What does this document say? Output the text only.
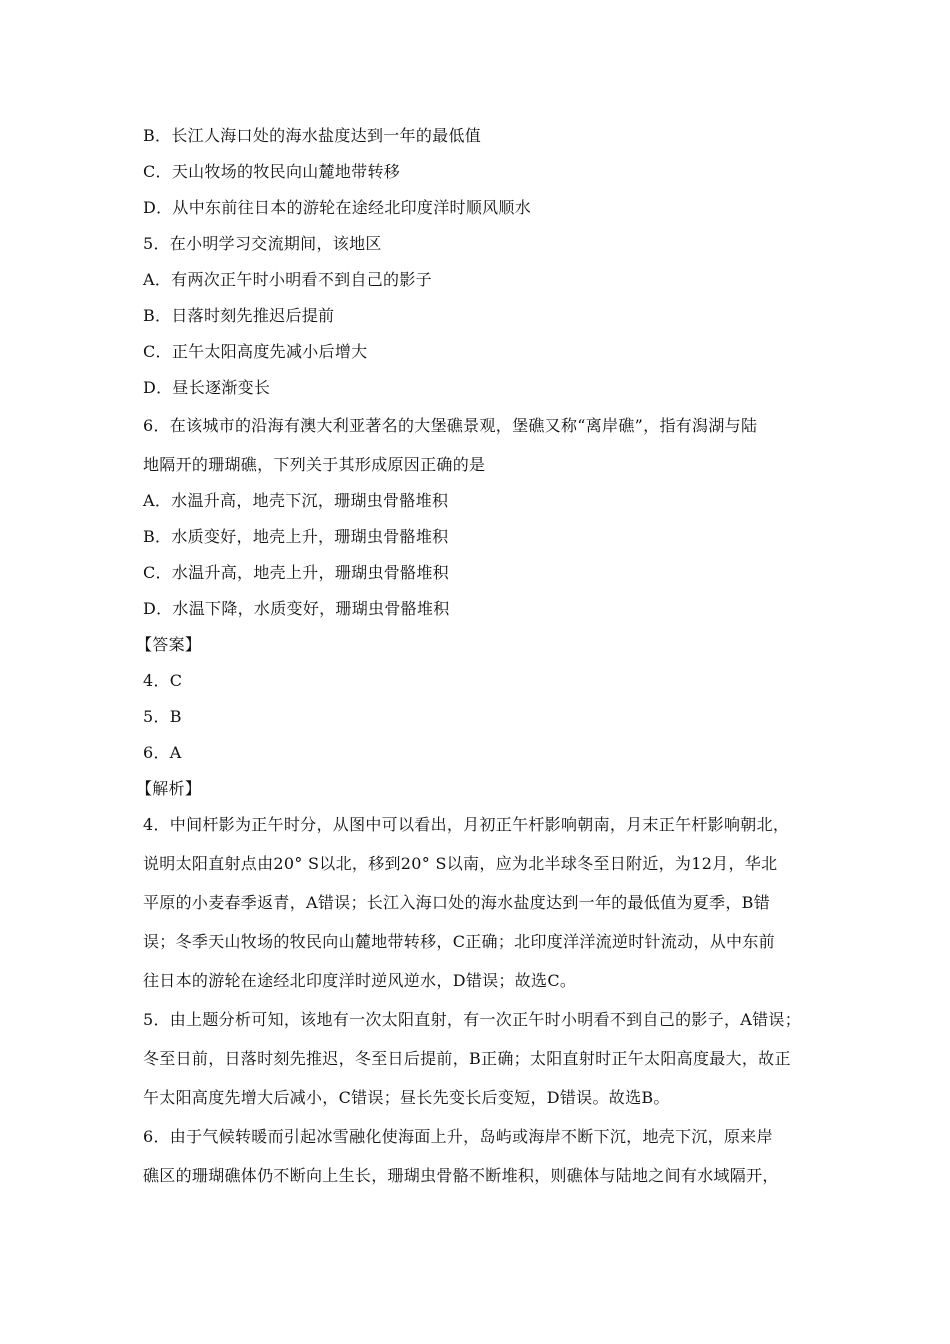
B．长江人海口处的海水盐度达到一年的最低值
C．天山牧场的牧民向山麓地带转移
D．从中东前往日本的游轮在途经北印度洋时顺风顺水
5．在小明学习交流期间，该地区
A．有两次正午时小明看不到自己的影子
B．日落时刻先推迟后提前
C．正午太阳高度先减小后增大
D．昼长逐渐变长
6．在该城市的沿海有澳大利亚著名的大堡礁景观，堡礁又称“离岸礁”，指有潟湖与陆
地隔开的珊瑚礁，下列关于其形成原因正确的是
A．水温升高，地壳下沉，珊瑚虫骨骼堆积
B．水质变好，地壳上升，珊瑚虫骨骼堆积
C．水温升高，地壳上升，珊瑚虫骨骼堆积
D．水温下降，水质变好，珊瑚虫骨骼堆积
【答案】
4．C
5．B
6．A
【解析】
4．中间杆影为正午时分，从图中可以看出，月初正午杆影响朝南，月末正午杆影响朝北，
说明太阳直射点由20° S以北，移到20° S以南，应为北半球冬至日附近，为12月，华北
平原的小麦春季返青，A错误；长江入海口处的海水盐度达到一年的最低值为夏季，B错
误；冬季天山牧场的牧民向山麓地带转移，C正确；北印度洋洋流逆时针流动，从中东前
往日本的游轮在途经北印度洋时逆风逆水，D错误；故选C。
5．由上题分析可知，该地有一次太阳直射，有一次正午时小明看不到自己的影子，A错误；
冬至日前，日落时刻先推迟，冬至日后提前，B正确；太阳直射时正午太阳高度最大，故正
午太阳高度先增大后减小，C错误；昼长先变长后变短，D错误。故选B。
6．由于气候转暖而引起冰雪融化使海面上升，岛屿或海岸不断下沉，地壳下沉，原来岸
礁区的珊瑚礁体仍不断向上生长，珊瑚虫骨骼不断堆积，则礁体与陆地之间有水域隔开，
